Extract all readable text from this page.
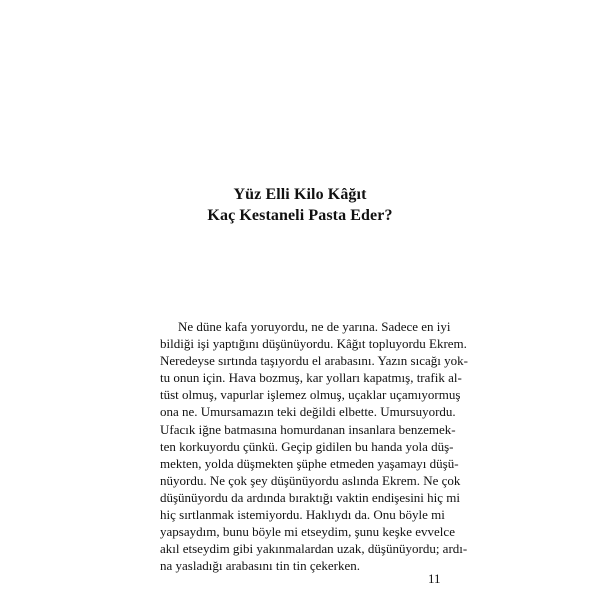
Yüz Elli Kilo Kâğıt
Kaç Kestaneli Pasta Eder?
Ne düne kafa yoruyordu, ne de yarına. Sadece en iyi
bildiği işi yaptığını düşünüyordu. Kâğıt topluyordu Ekrem.
Neredeyse sırtında taşıyordu el arabasını. Yazın sıcağı yok-
tu onun için. Hava bozmuş, kar yolları kapatmış, trafik al-
tüst olmuş, vapurlar işlemez olmuş, uçaklar uçamıyormuş
ona ne. Umursamazın teki değildi elbette. Umursuyordu.
Ufacık iğne batmasına homurdanan insanlara benzemek-
ten korkuyordu çünkü. Geçip gidilen bu handa yola düş-
mekten, yolda düşmekten şüphe etmeden yaşamayı düşü-
nüyordu. Ne çok şey düşünüyordu aslında Ekrem. Ne çok
düşünüyordu da ardında bıraktığı vaktin endişesini hiç mi
hiç sırtlanmak istemiyordu. Haklıydı da. Onu böyle mi
yapsaydım, bunu böyle mi etseydim, şunu keşke evvelce
akıl etseydim gibi yakınmalardan uzak, düşünüyordu; ardı-
na yasladığı arabasını tin tin çekerken.
11
